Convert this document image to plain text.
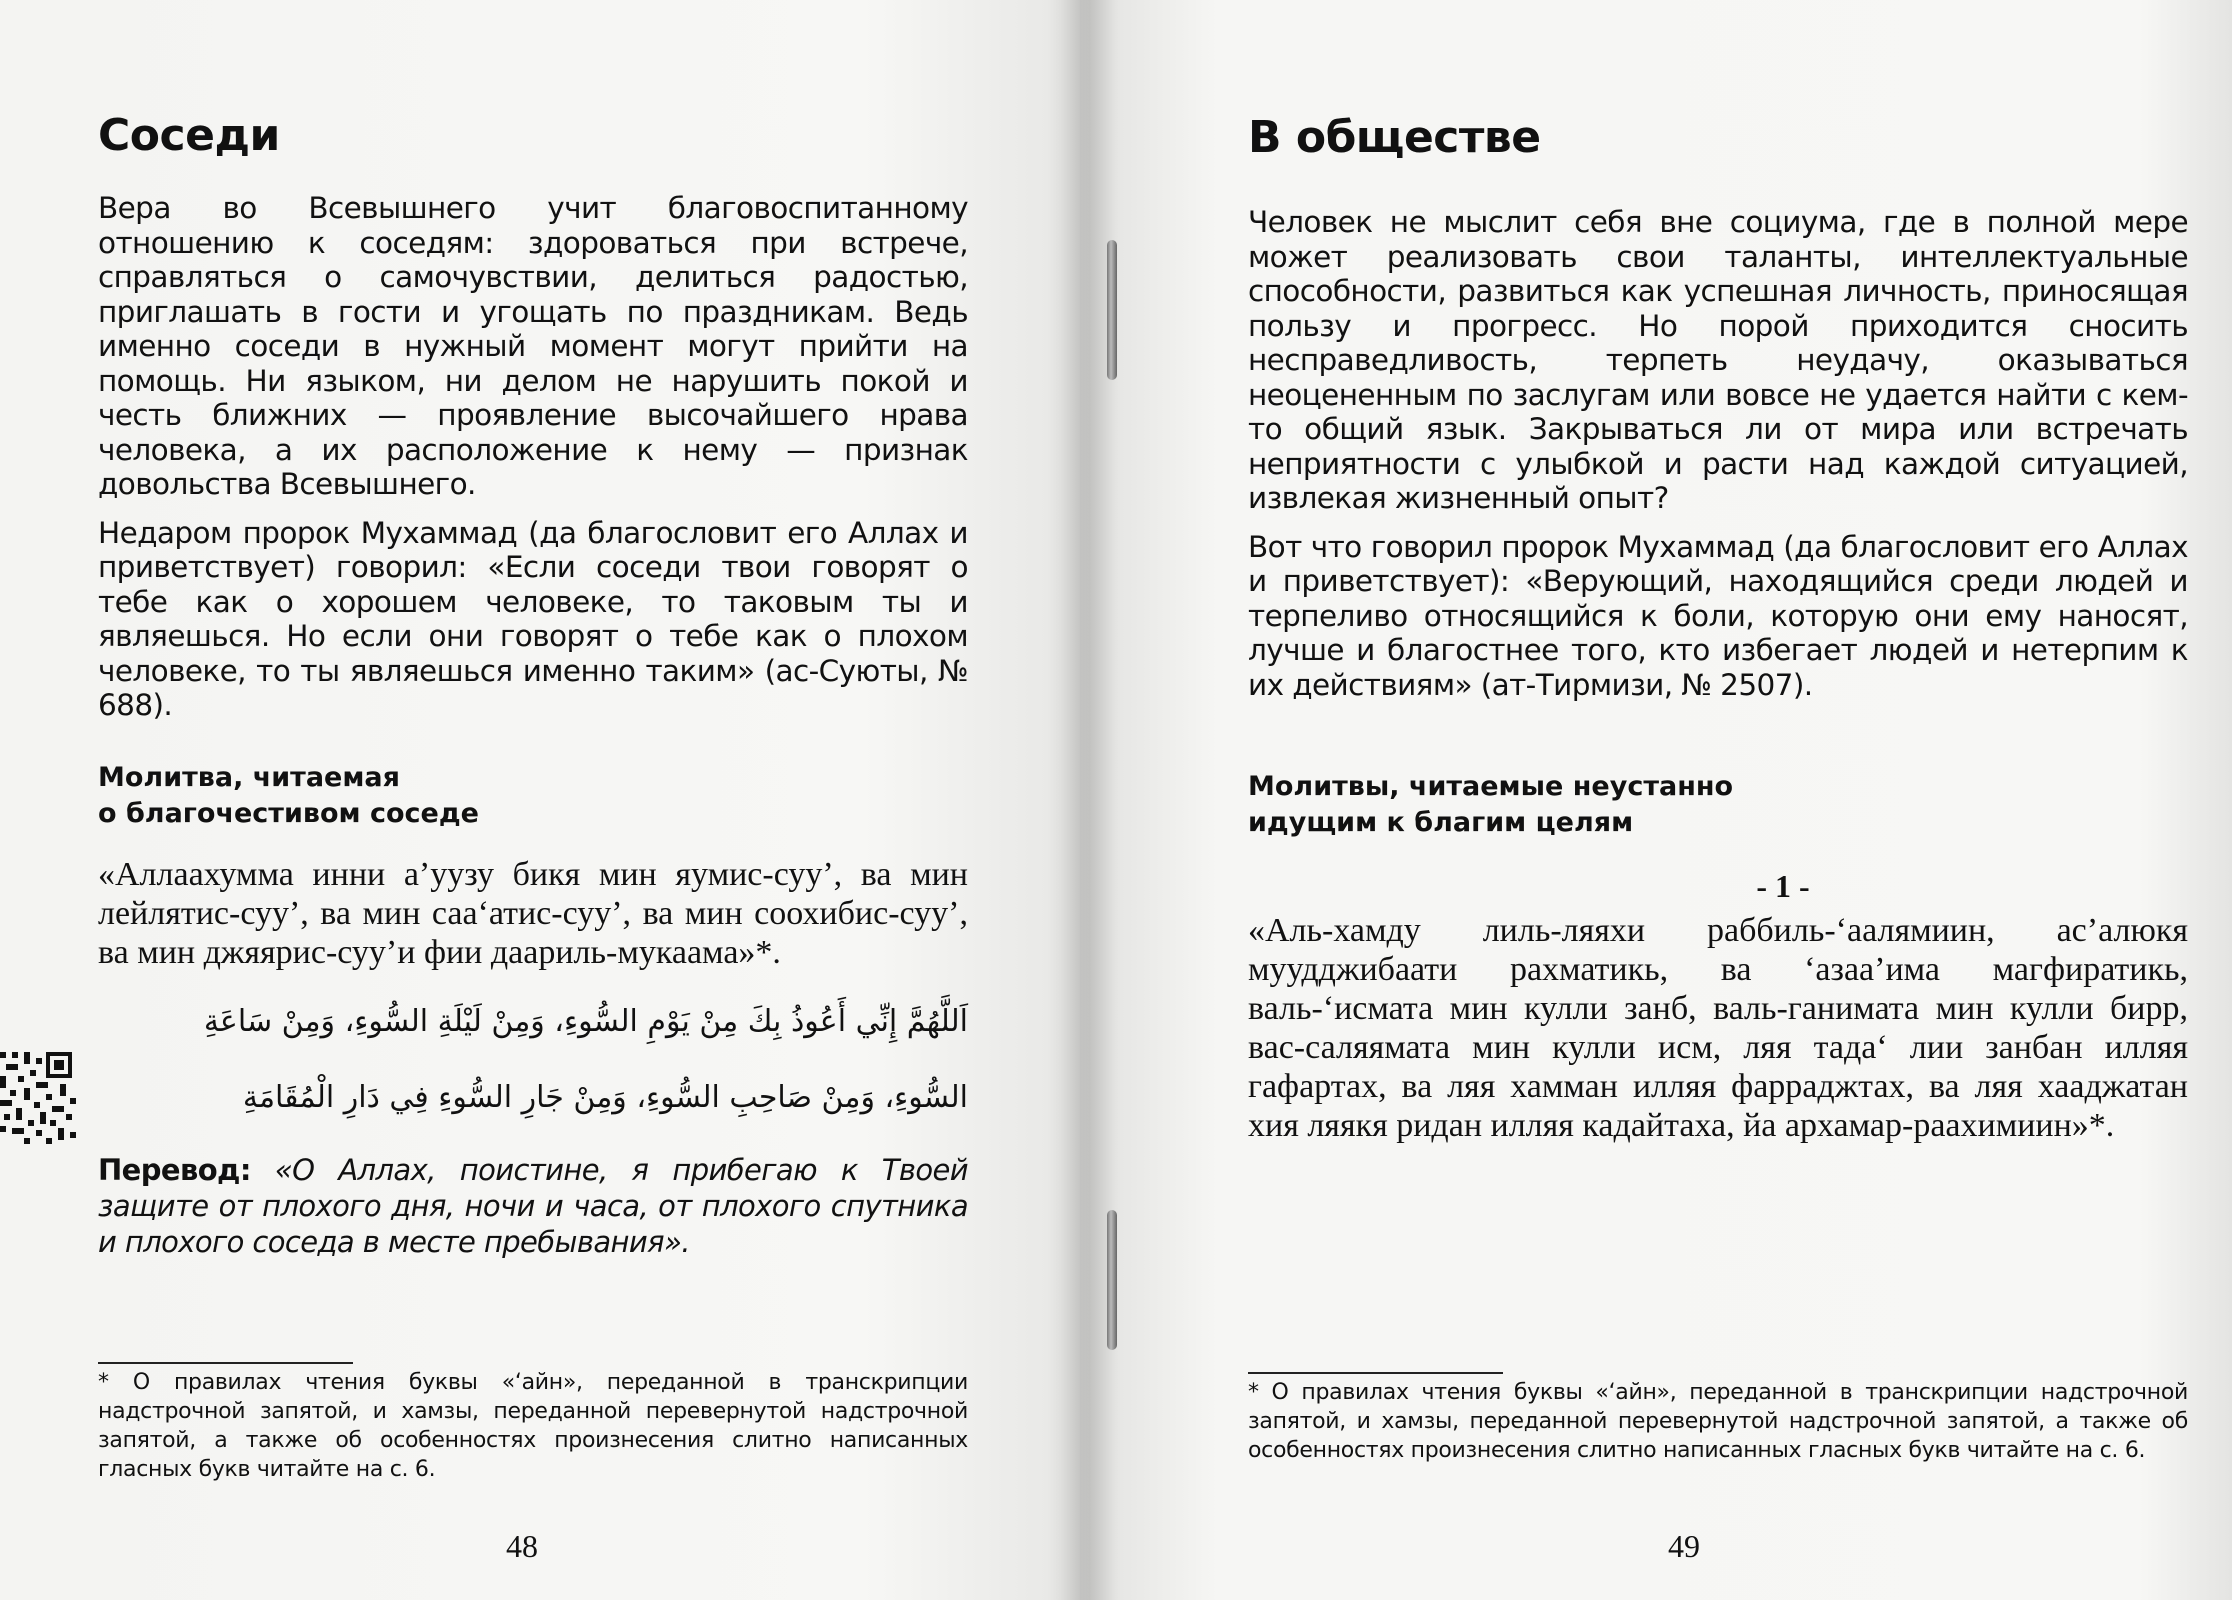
Соседи

Вера во Всевышнего учит благовоспитанному отношению к соседям: здороваться при встрече, справляться о самочувствии, делиться радостью, приглашать в гости и угощать по праздникам. Ведь именно соседи в нужный момент могут прийти на помощь. Ни языком, ни делом не нарушить покой и честь ближних — проявление высочайшего нрава человека, а их расположение к нему — признак довольства Всевышнего.

Недаром пророк Мухаммад (да благословит его Аллах и приветствует) говорил: «Если соседи твои говорят о тебе как о хорошем человеке, то таковым ты и являешься. Но если они говорят о тебе как о плохом человеке, то ты являешься именно таким» (ас-Суюты, № 688).

Молитва, читаемая
о благочестивом соседе

«Аллаахумма инни а’уузу бикя мин яумис-суу’, ва мин лейлятис-суу’, ва мин саа‘атис-суу’, ва мин соохибис-суу’, ва мин джяярис-суу’и фии даариль-мукаама»*.

اَللَّهُمَّ إِنِّي أَعُوذُ بِكَ مِنْ يَوْمِ السُّوءِ، وَمِنْ لَيْلَةِ السُّوءِ، وَمِنْ سَاعَةِ
السُّوءِ، وَمِنْ صَاحِبِ السُّوءِ، وَمِنْ جَارِ السُّوءِ فِي دَارِ الْمُقَامَةِ

Перевод: «О Аллах, поистине, я прибегаю к Твоей защите от плохого дня, ночи и часа, от плохого спутника и плохого соседа в месте пребывания».

* О правилах чтения буквы «‘айн», переданной в транскрипции надстрочной запятой, и хамзы, переданной перевернутой надстрочной запятой, а также об особенностях произнесения слитно написанных гласных букв читайте на с. 6.

48
В обществе

Человек не мыслит себя вне социума, где в полной мере может реализовать свои таланты, интеллектуальные способности, развиться как успешная личность, приносящая пользу и прогресс. Но порой приходится сносить несправедливость, терпеть неудачу, оказываться неоцененным по заслугам или вовсе не удается найти с кем-то общий язык. Закрываться ли от мира или встречать неприятности с улыбкой и расти над каждой ситуацией, извлекая жизненный опыт?

Вот что говорил пророк Мухаммад (да благословит его Аллах и приветствует): «Верующий, находящийся среди людей и терпеливо относящийся к боли, которую они ему наносят, лучше и благостнее того, кто избегает людей и нетерпим к их действиям» (ат-Тирмизи, № 2507).

Молитвы, читаемые неустанно
идущим к благим целям
- 1 -

«Аль-хамду лиль-ляяхи раббиль-‘аалямиин, ас’алюкя муудджибаати рахматикь, ва ‘азаа’има магфиратикь, валь-‘исмата мин кулли занб, валь-ганимата мин кулли бирр, вас-саляямата мин кулли исм, ляя тада‘ лии занбан илляя гафартах, ва ляя хамман илляя фарраджтах, ва ляя хааджатан хия ляякя ридан илляя кадайтаха, йа архамар-раахимиин»*.

* О правилах чтения буквы «‘айн», переданной в транскрипции надстрочной запятой, и хамзы, переданной перевернутой надстрочной запятой, а также об особенностях произнесения слитно написанных гласных букв читайте на с. 6.

49
